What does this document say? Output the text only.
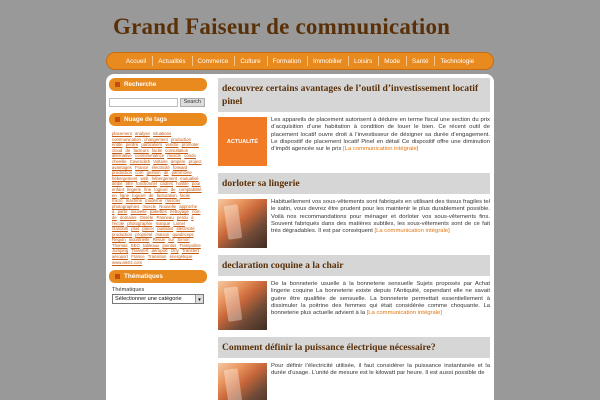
Grand Faiseur de communication
Accueil	Actualités	Commerce	Culture	Formation	Immobilier	Loisirs	Mode	Santé	Technologie
Recherche
Search
Nuage de tags
placement analyse situations communication changement production entité perdre particuliers vendre promoter cloud de facteurs facile consultation alternative consommatrice muscle condo chenille Cavendish Voltaire ampère project avantages France électricité forward production com gestion de patrimoine hébergement web hébergement mutualisé dédié titre fonctionnel cadres hostile pour enfant lingerie fine logiciel de comptabilité en ligne logiciel de facturation facile micro machine moderne muscler photographies muscle Nouvelle approche à partir nouvelle paillettes nettoyage nom de domaine Ossète Panneau perdu à l'école photographie marque Lionel Gandolfi plus placer puissant électricité production propriété maison quadriceps Région industrielle Revue sur Simon Thomas SEO tableaux pointus Trampoline Jumping Transfert aéroport Orly Transfert aéroport France Transition énergétique www.alertz.com
Thématiques
Thématiques
Sélectionner une catégorie	▼
decouvrez certains avantages de l’outil d’investissement locatif pinel
ACTUALITÉ
Les appareils de placement autorisent à déduire en terme fiscal une section du prix d’acquisition d’une habitation à condition de louer le bien. Ce récent outil de placement locatif ouvre droit à l’investisseur de désigner sa durée d’engagement. Le dispositif de placement locatif Pinel en détail Ce dispositif offre une diminution d’impôt agencée sur le prix [La communication intégrale]
dorloter sa lingerie
Habituellement vos sous-vêtements sont fabriqués en utilisant des tissus fragiles tel le satin, vous devrez être prudent pour les maintenir le plus durablement possible. Voilà nos recommandations pour ménager et dorloter vos sous-vêtements fins. Souvent fabriqués dans des matières subtiles, les sous-vêtements sont de ce fait très dégradables. Il est par conséquent [La communication intégrale]
declaration coquine a la chair
De la bonneterie usuelle à la bonneterie sensuelle Sujets proposés par Achat lingerie coquine La bonneterie existe depuis l’Antiquité, cependant elle ne savait guère être qualifiée de sensuelle. La bonneterie permettait essentiellement à dissimuler la poitrine des femmes qui était considérée comme choquante. La bonneterie plus actuelle advient à la [La communication intégrale]
Comment définir la puissance électrique nécessaire?
Pour définir l’électricité utilisée, il faut considérer la puissance instantanée et la durée d’usage. L’unité de mesure est le kilowatt par heure. Il est aussi possible de
